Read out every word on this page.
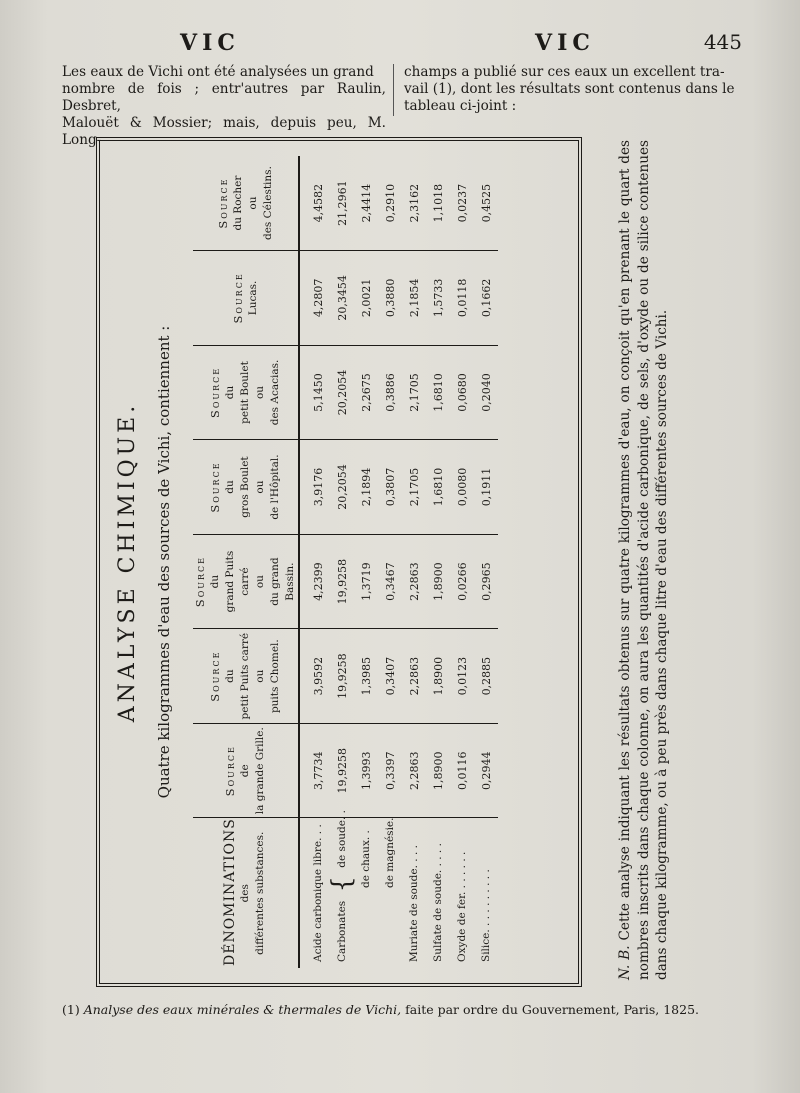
VIC	VIC	445
Les eaux de Vichi ont été analysées un grand
nombre de fois ; entr'autres par Raulin, Desbret,
Malouët & Mossier; mais, depuis peu, M. Long-
champs a publié sur ces eaux un excellent tra-
vail (1), dont les résultats sont contenus dans le
tableau ci-joint :
ANALYSE CHIMIQUE. Quatre kilogrammes d'eau des sources de Vichi, contiennent :
DÉNOMINATIONS des différentes substances.	Source de la grande Grille.	Source du petit Puits carré ou puits Chomel.	Source du grand Puits carré ou du grand Bassin.	Source du gros Boulet ou de l'Hôpital.	Source du petit Boulet ou des Acacias.	Source Lucas.	Source du Rocher ou des Célestins.

Acide carbonique libre. . .	3,7734	3,9592	4,2399	3,9176	5,1450	4,2807	4,4582
Carbonates { de soude. .	19,9258	19,9258	19,9258	20,2054	20,2054	20,3454	21,2961
de chaux. .	1,3993	1,3985	1,3719	2,1894	2,2675	2,0021	2,4414
de magnésie.	0,3397	0,3407	0,3467	0,3807	0,3886	0,3880	0,2910
Muriate de soude. . . .	2,2863	2,2863	2,2863	2,1705	2,1705	2,1854	2,3162
Sulfate de soude. . . . .	1,8900	1,8900	1,8900	1,6810	1,6810	1,5733	1,1018
Oxyde de fer. . . . . . .	0,0116	0,0123	0,0266	0,0080	0,0680	0,0118	0,0237
Silice. . . . . . . . . .	0,2944	0,2885	0,2965	0,1911	0,2040	0,1662	0,4525
N. B. Cette analyse indiquant les résultats obtenus sur quatre kilogrammes d'eau, on conçoit qu'en prenant le quart des nombres inscrits dans chaque colonne, on aura les quantités d'acide carbonique, de sels, d'oxyde ou de silice contenues dans chaque kilogramme, ou à peu près dans chaque litre d'eau des différentes sources de Vichi.
(1) Analyse des eaux minérales & thermales de Vichi, faite par ordre du Gouvernement, Paris, 1825.
